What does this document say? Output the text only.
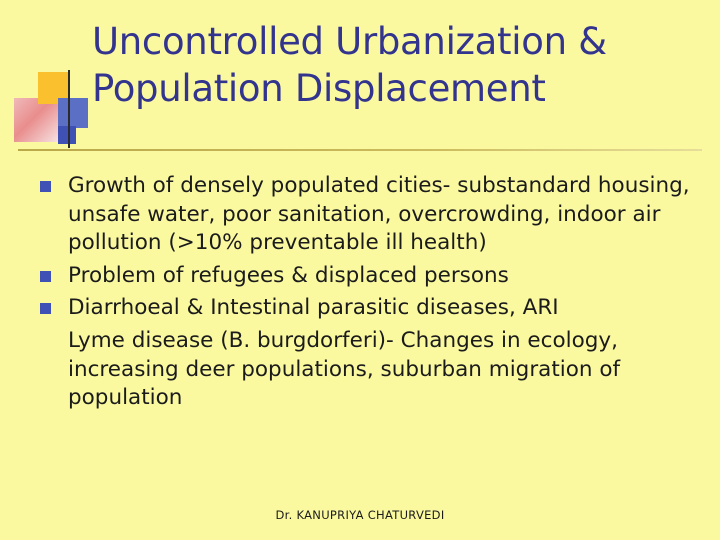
Uncontrolled Urbanization & Population Displacement
Growth of densely populated cities- substandard housing, unsafe water, poor sanitation, overcrowding, indoor air pollution (>10% preventable ill health)
Problem of refugees & displaced persons
Diarrhoeal & Intestinal parasitic diseases, ARI
Lyme disease (B. burgdorferi)- Changes in ecology, increasing deer populations, suburban migration of population
Dr. KANUPRIYA CHATURVEDI
